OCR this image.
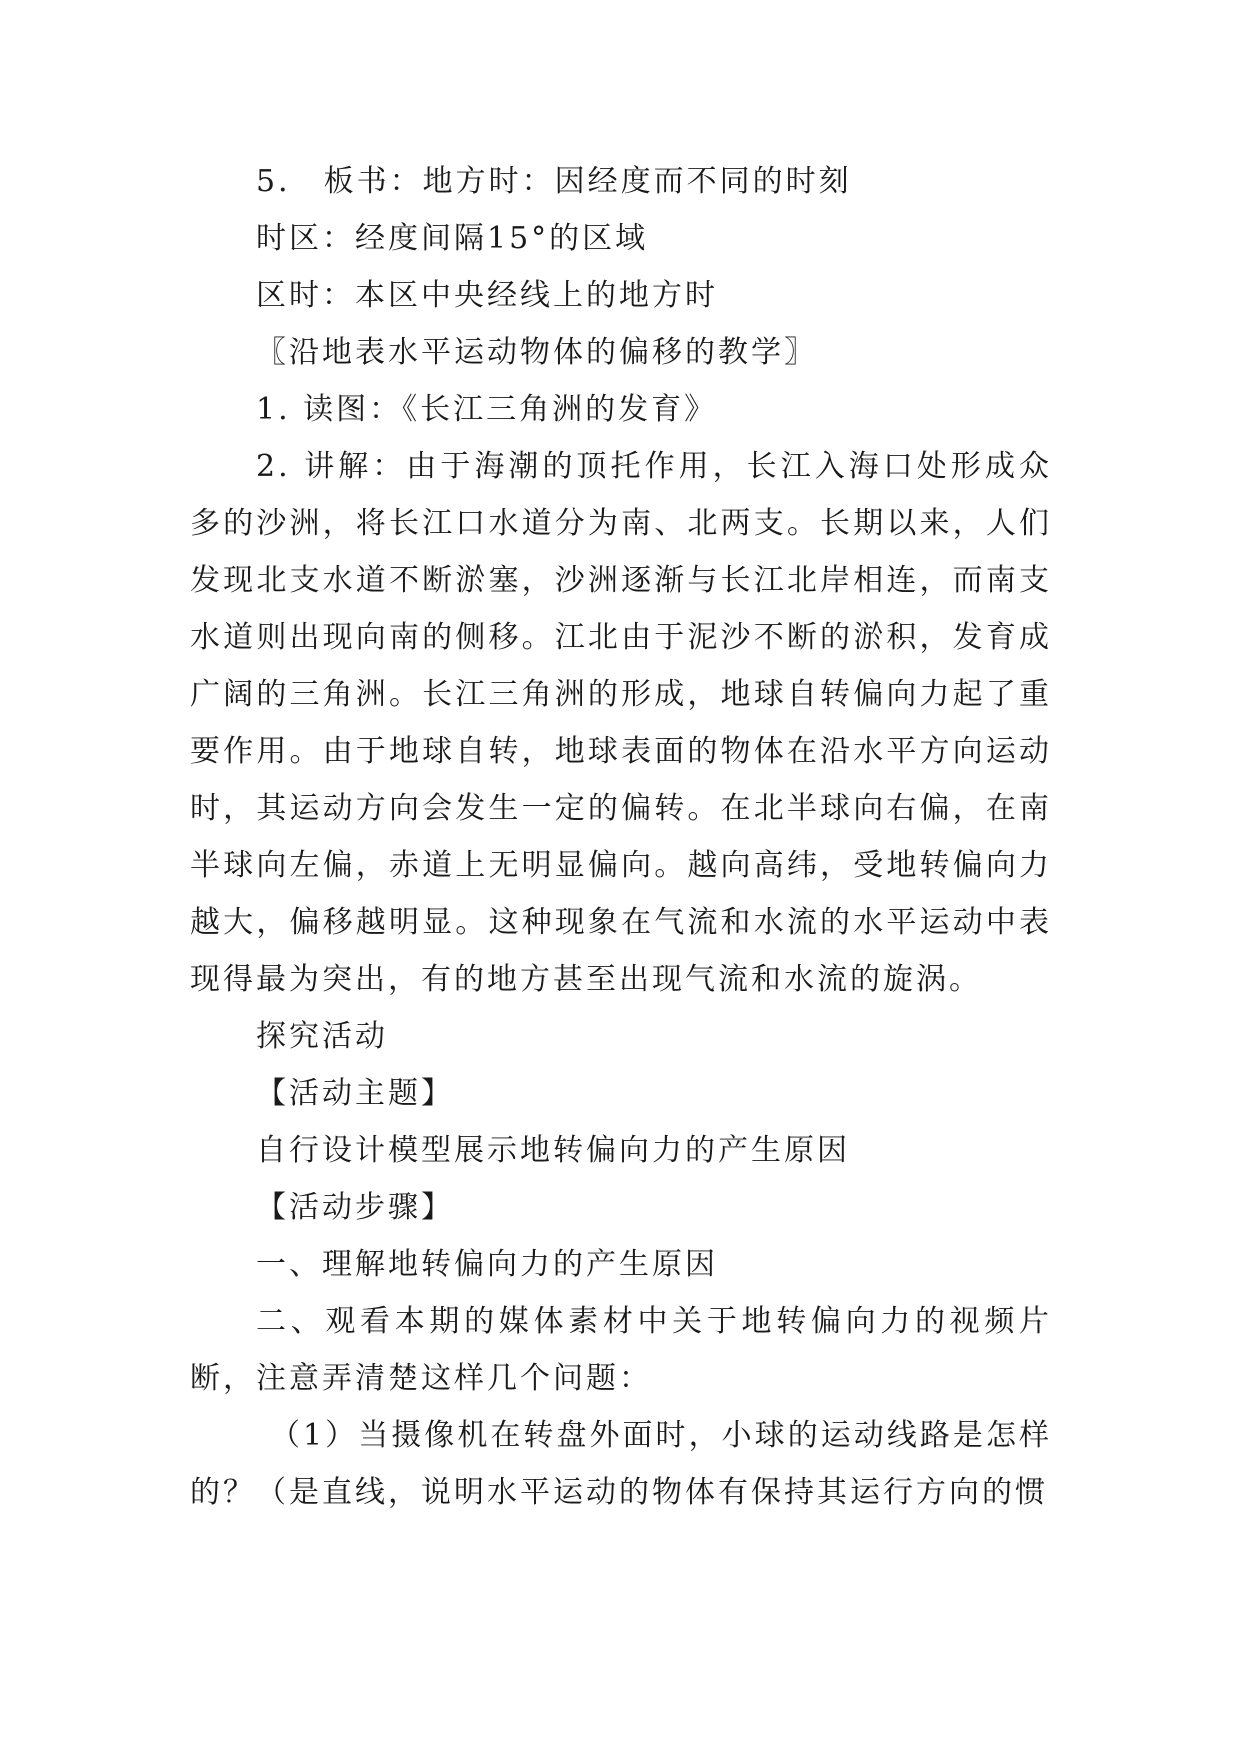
5． 板书：地方时：因经度而不同的时刻

时区：经度间隔15°的区域

区时：本区中央经线上的地方时

〖沿地表水平运动物体的偏移的教学〗

1. 读图：《长江三角洲的发育》

2. 讲解：由于海潮的顶托作用，长江入海口处形成众多的沙洲，将长江口水道分为南、北两支。长期以来，人们发现北支水道不断淤塞，沙洲逐渐与长江北岸相连，而南支水道则出现向南的侧移。江北由于泥沙不断的淤积，发育成广阔的三角洲。长江三角洲的形成，地球自转偏向力起了重要作用。由于地球自转，地球表面的物体在沿水平方向运动时，其运动方向会发生一定的偏转。在北半球向右偏，在南半球向左偏，赤道上无明显偏向。越向高纬，受地转偏向力越大，偏移越明显。这种现象在气流和水流的水平运动中表现得最为突出，有的地方甚至出现气流和水流的旋涡。

探究活动

【活动主题】

自行设计模型展示地转偏向力的产生原因

【活动步骤】

一、理解地转偏向力的产生原因

二、观看本期的媒体素材中关于地转偏向力的视频片断，注意弄清楚这样几个问题：

（1）当摄像机在转盘外面时，小球的运动线路是怎样的？（是直线，说明水平运动的物体有保持其运行方向的惯
